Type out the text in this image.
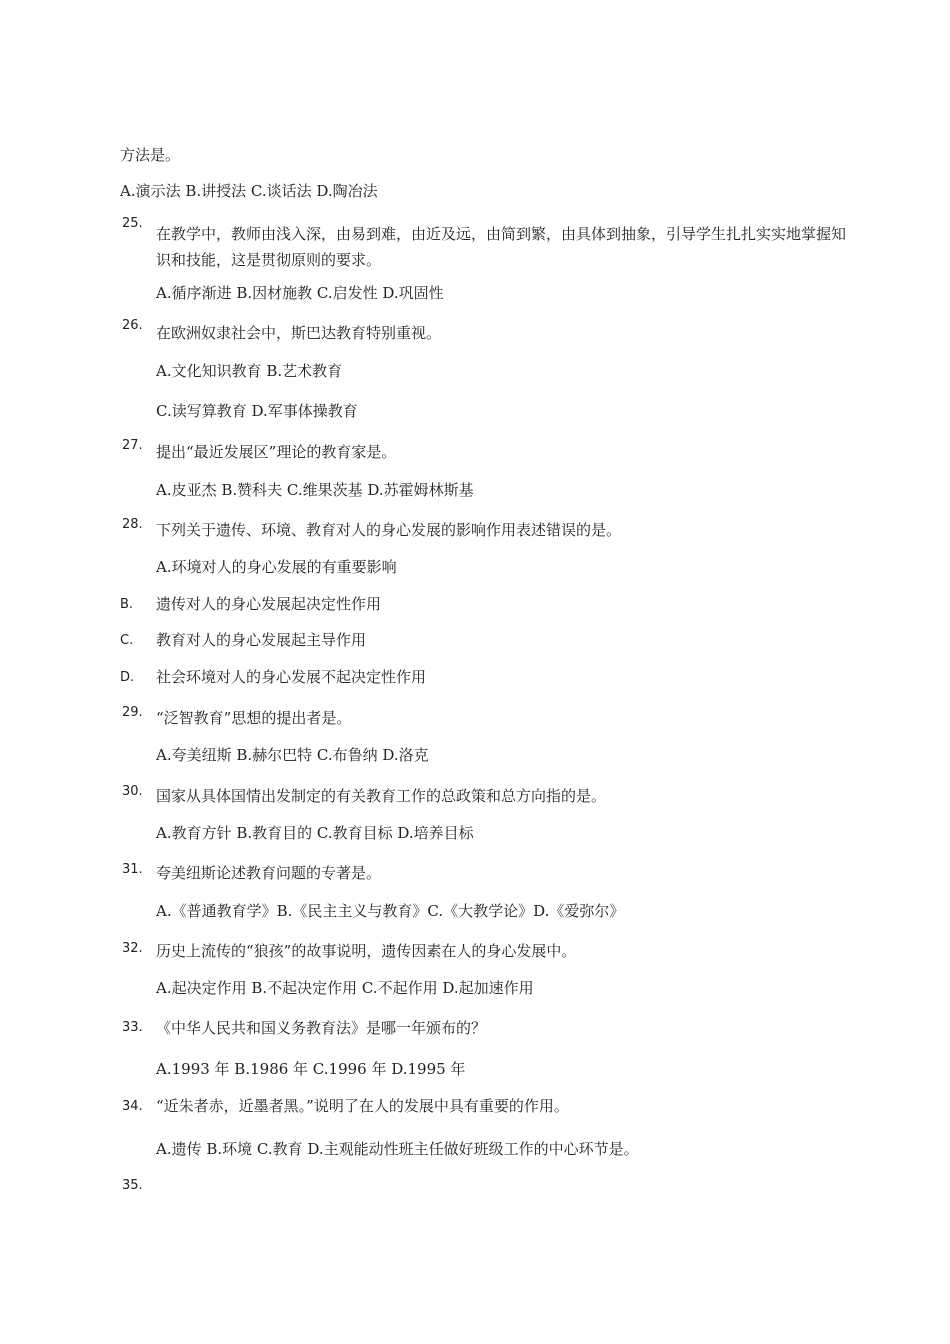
方法是。
A.演示法 B.讲授法 C.谈话法 D.陶冶法
25.
在教学中，教师由浅入深，由易到难，由近及远，由简到繁，由具体到抽象，引导学生扎扎实实地掌握知识和技能，这是贯彻原则的要求。
A.循序渐进 B.因材施教 C.启发性 D.巩固性
26. 在欧洲奴隶社会中，斯巴达教育特别重视。
A.文化知识教育 B.艺术教育
C.读写算教育 D.军事体操教育
27. 提出“最近发展区”理论的教育家是。
A.皮亚杰 B.赞科夫 C.维果茨基 D.苏霍姆林斯基
28. 下列关于遗传、环境、教育对人的身心发展的影响作用表述错误的是。
A.环境对人的身心发展的有重要影响
B. 遗传对人的身心发展起决定性作用
C. 教育对人的身心发展起主导作用
D. 社会环境对人的身心发展不起决定性作用
29. “泛智教育”思想的提出者是。
A.夸美纽斯 B.赫尔巴特 C.布鲁纳 D.洛克
30. 国家从具体国情出发制定的有关教育工作的总政策和总方向指的是。
A.教育方针 B.教育目的 C.教育目标 D.培养目标
31. 夸美纽斯论述教育问题的专著是。
A.《普通教育学》B.《民主主义与教育》C.《大教学论》D.《爱弥尔》
32. 历史上流传的“狼孩”的故事说明，遗传因素在人的身心发展中。
A.起决定作用 B.不起决定作用 C.不起作用 D.起加速作用
33. 《中华人民共和国义务教育法》是哪一年颁布的？
A.1993 年 B.1986 年 C.1996 年 D.1995 年
34. “近朱者赤，近墨者黑。”说明了在人的发展中具有重要的作用。
A.遗传 B.环境 C.教育 D.主观能动性班主任做好班级工作的中心环节是。
35.
